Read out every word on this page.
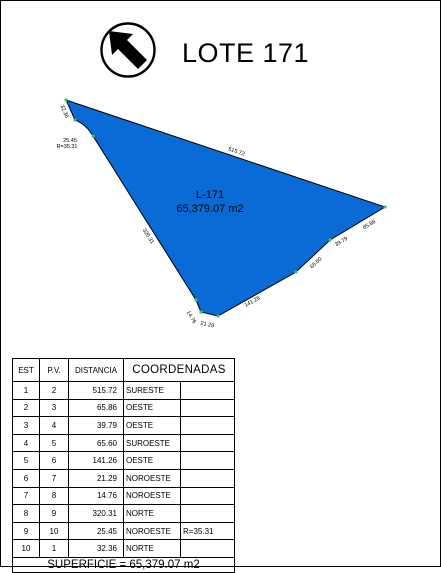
LOTE 171
L-171
65,379.07 m2
515.72
65.86
39.79
65.60
141.26
21.29
14.76
320.31
25.45
R=35.31
32.36
EST	P.V.	DISTANCIA	COORDENADAS	
1	2	515.72	SURESTE	
2	3	65.86	OESTE	
3	4	39.79	OESTE	
4	5	65.60	SUROESTE	
5	6	141.26	OESTE	
6	7	21.29	NOROESTE	
7	8	14.76	NOROESTE	
8	9	320.31	NORTE	
9	10	25.45	NOROESTE	R=35.31
10	1	32.36	NORTE	
SUPERFICIE = 65,379.07 m2				
